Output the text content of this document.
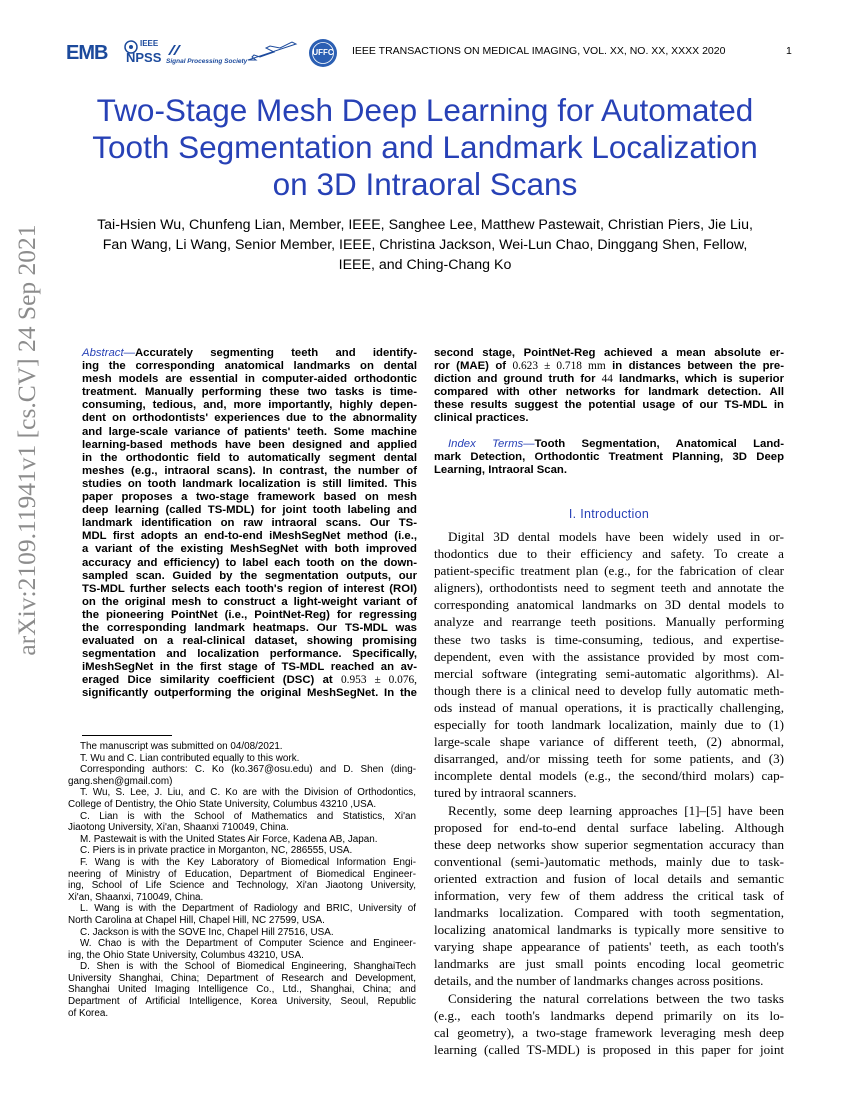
EMB	IEEE
NPSS Signal Processing Society
UFFC IEEE TRANSACTIONS ON MEDICAL IMAGING, VOL. XX, NO. XX, XXXX 2020	1
Two-Stage Mesh Deep Learning for Automated
Tooth Segmentation and Landmark Localization
on 3D Intraoral Scans
Tai-Hsien Wu, Chunfeng Lian, Member, IEEE, Sanghee Lee, Matthew Pastewait, Christian Piers, Jie Liu,
Fan Wang, Li Wang, Senior Member, IEEE, Christina Jackson, Wei-Lun Chao, Dinggang Shen, Fellow,
IEEE, and Ching-Chang Ko
arXiv:2109.11941v1 [cs.CV] 24 Sep 2021	Abstract—Accurately segmenting teeth and identify-
ing the corresponding anatomical landmarks on dental
mesh models are essential in computer-aided orthodontic
treatment. Manually performing these two tasks is time-
consuming, tedious, and, more importantly, highly depen-
dent on orthodontists' experiences due to the abnormality
and large-scale variance of patients' teeth. Some machine
learning-based methods have been designed and applied
in the orthodontic field to automatically segment dental
meshes (e.g., intraoral scans). In contrast, the number of
studies on tooth landmark localization is still limited. This
paper proposes a two-stage framework based on mesh
deep learning (called TS-MDL) for joint tooth labeling and
landmark identification on raw intraoral scans. Our TS-
MDL first adopts an end-to-end iMeshSegNet method (i.e.,
a variant of the existing MeshSegNet with both improved
accuracy and efficiency) to label each tooth on the down-
sampled scan. Guided by the segmentation outputs, our
TS-MDL further selects each tooth's region of interest (ROI)
on the original mesh to construct a light-weight variant of
the pioneering PointNet (i.e., PointNet-Reg) for regressing
the corresponding landmark heatmaps. Our TS-MDL was
evaluated on a real-clinical dataset, showing promising
segmentation and localization performance. Specifically,
iMeshSegNet in the first stage of TS-MDL reached an av-
eraged Dice similarity coefficient (DSC) at 0.953 ± 0.076,
significantly outperforming the original MeshSegNet. In the
second stage, PointNet-Reg achieved a mean absolute er-
ror (MAE) of 0.623 ± 0.718 mm in distances between the pre-
diction and ground truth for 44 landmarks, which is superior
compared with other networks for landmark detection. All
these results suggest the potential usage of our TS-MDL in
clinical practices.
Index Terms—Tooth Segmentation, Anatomical Land-
mark Detection, Orthodontic Treatment Planning, 3D Deep
Learning, Intraoral Scan.
The manuscript was submitted on 04/08/2021.
T. Wu and C. Lian contributed equally to this work.
Corresponding authors: C. Ko (ko.367@osu.edu) and D. Shen (ding-
gang.shen@gmail.com)
T. Wu, S. Lee, J. Liu, and C. Ko are with the Division of Orthodontics,
College of Dentistry, the Ohio State University, Columbus 43210 ,USA.
C. Lian is with the School of Mathematics and Statistics, Xi'an
Jiaotong University, Xi'an, Shaanxi 710049, China.
M. Pastewait is with the United States Air Force, Kadena AB, Japan.
C. Piers is in private practice in Morganton, NC, 286555, USA.
F. Wang is with the Key Laboratory of Biomedical Information Engi-
neering of Ministry of Education, Department of Biomedical Engineer-
ing, School of Life Science and Technology, Xi'an Jiaotong University,
Xi'an, Shaanxi, 710049, China.
L. Wang is with the Department of Radiology and BRIC, University of
North Carolina at Chapel Hill, Chapel Hill, NC 27599, USA.
C. Jackson is with the SOVE Inc, Chapel Hill 27516, USA.
W. Chao is with the Department of Computer Science and Engineer-
ing, the Ohio State University, Columbus 43210, USA.
D. Shen is with the School of Biomedical Engineering, ShanghaiTech
University Shanghai, China; Department of Research and Development,
Shanghai United Imaging Intelligence Co., Ltd., Shanghai, China; and
Department of Artificial Intelligence, Korea University, Seoul, Republic
of Korea.
I. Introduction
Digital 3D dental models have been widely used in or-
thodontics due to their efficiency and safety. To create a
patient-specific treatment plan (e.g., for the fabrication of clear
aligners), orthodontists need to segment teeth and annotate the
corresponding anatomical landmarks on 3D dental models to
analyze and rearrange teeth positions. Manually performing
these two tasks is time-consuming, tedious, and expertise-
dependent, even with the assistance provided by most com-
mercial software (integrating semi-automatic algorithms). Al-
though there is a clinical need to develop fully automatic meth-
ods instead of manual operations, it is practically challenging,
especially for tooth landmark localization, mainly due to (1)
large-scale shape variance of different teeth, (2) abnormal,
disarranged, and/or missing teeth for some patients, and (3)
incomplete dental models (e.g., the second/third molars) cap-
tured by intraoral scanners.
Recently, some deep learning approaches [1]–[5] have been
proposed for end-to-end dental surface labeling. Although
these deep networks show superior segmentation accuracy than
conventional (semi-)automatic methods, mainly due to task-
oriented extraction and fusion of local details and semantic
information, very few of them address the critical task of
landmarks localization. Compared with tooth segmentation,
localizing anatomical landmarks is typically more sensitive to
varying shape appearance of patients' teeth, as each tooth's
landmarks are just small points encoding local geometric
details, and the number of landmarks changes across positions.
Considering the natural correlations between the two tasks
(e.g., each tooth's landmarks depend primarily on its lo-
cal geometry), a two-stage framework leveraging mesh deep
learning (called TS-MDL) is proposed in this paper for joint
